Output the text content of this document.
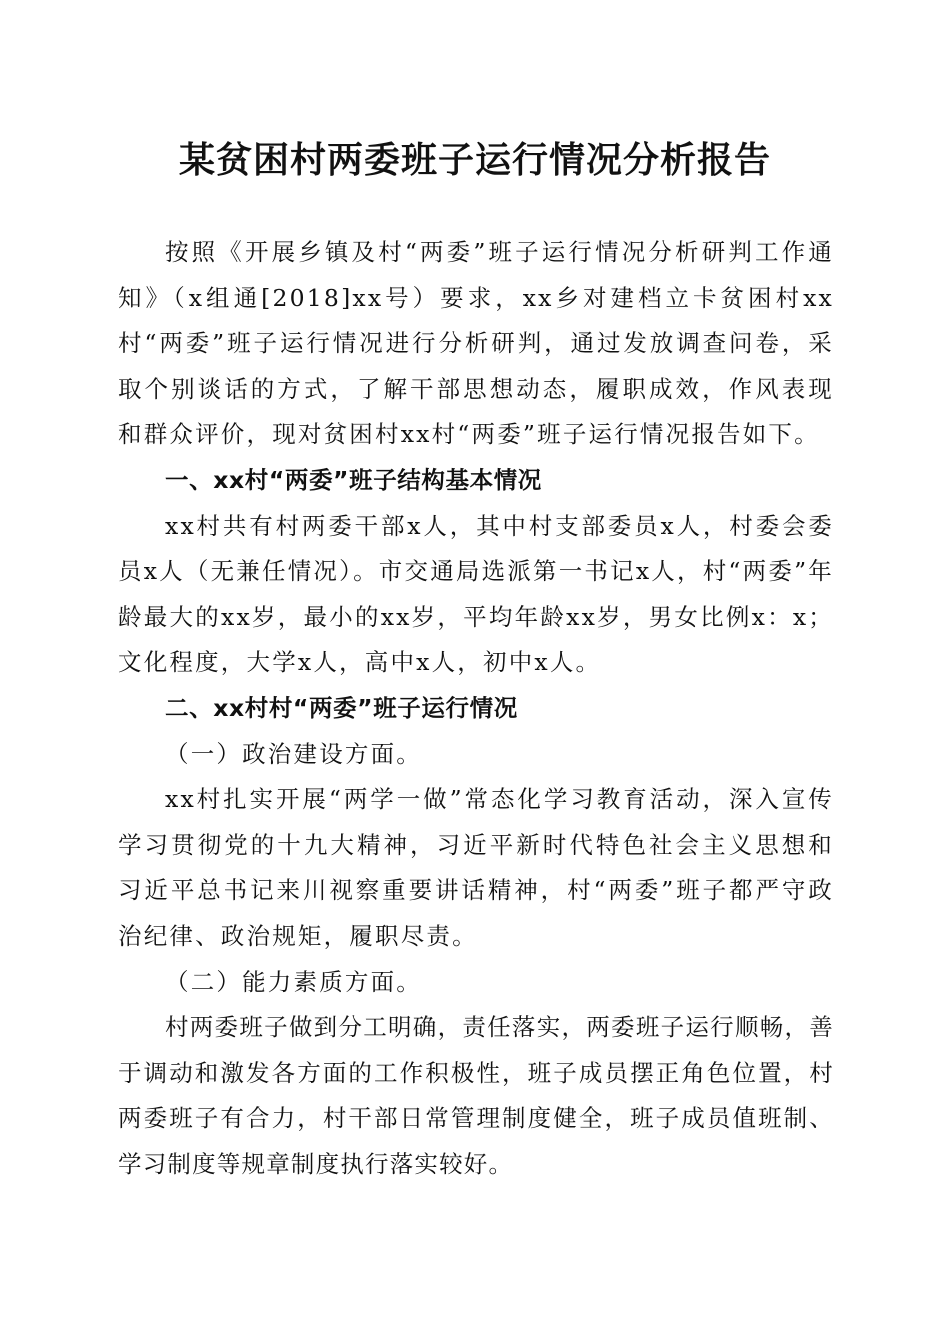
某贫困村两委班子运行情况分析报告

按照《开展乡镇及村“两委”班子运行情况分析研判工作通知》（x组通[2018]xx号）要求，xx乡对建档立卡贫困村xx村“两委”班子运行情况进行分析研判，通过发放调查问卷，采取个别谈话的方式，了解干部思想动态，履职成效，作风表现和群众评价，现对贫困村xx村“两委”班子运行情况报告如下。

一、xx村“两委”班子结构基本情况

xx村共有村两委干部x人，其中村支部委员x人，村委会委员x人（无兼任情况）。市交通局选派第一书记x人，村“两委”年龄最大的xx岁，最小的xx岁，平均年龄xx岁，男女比例x：x；文化程度，大学x人，高中x人，初中x人。

二、xx村村“两委”班子运行情况

（一）政治建设方面。

xx村扎实开展“两学一做”常态化学习教育活动，深入宣传学习贯彻党的十九大精神，习近平新时代特色社会主义思想和习近平总书记来川视察重要讲话精神，村“两委”班子都严守政治纪律、政治规矩，履职尽责。

（二）能力素质方面。

村两委班子做到分工明确，责任落实，两委班子运行顺畅，善于调动和激发各方面的工作积极性，班子成员摆正角色位置，村两委班子有合力，村干部日常管理制度健全，班子成员值班制、学习制度等规章制度执行落实较好。
